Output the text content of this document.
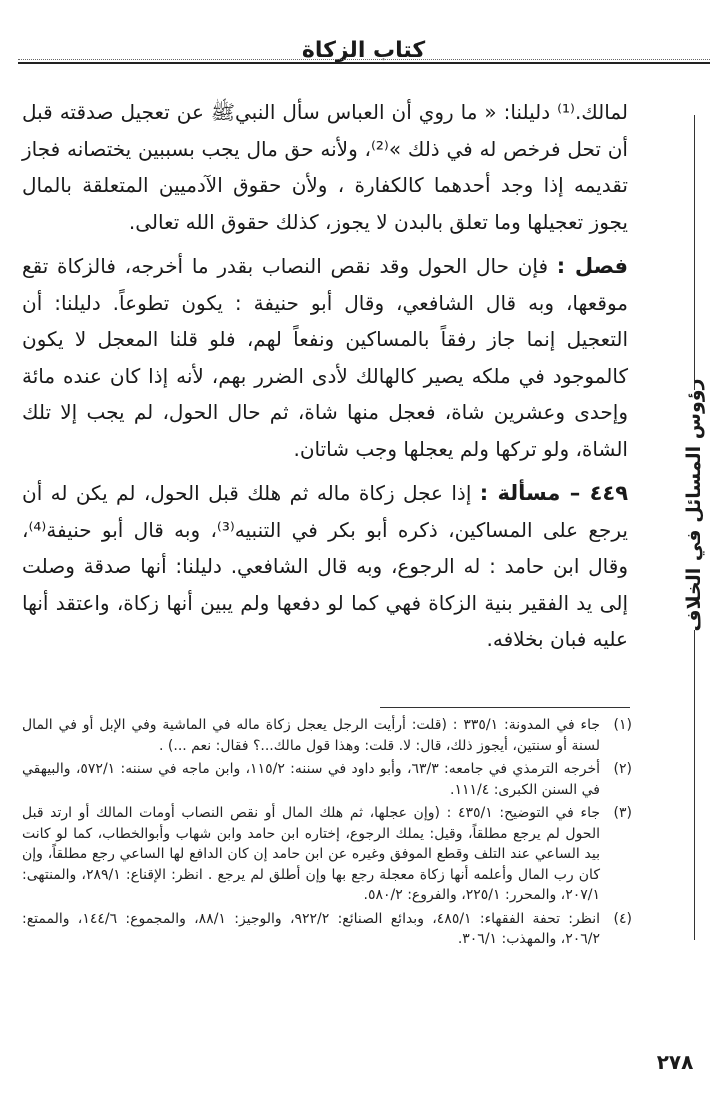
كتاب الزكاة
رؤوس المسائل في الخلاف

لمالك.⁽¹⁾ دليلنا: « ما روي أن العباس سأل النبيﷺ عن تعجيل صدقته قبل أن تحل فرخص له في ذلك »⁽²⁾، ولأنه حق مال يجب بسببين يختصانه فجاز تقديمه إذا وجد أحدهما كالكفارة ، ولأن حقوق الآدميين المتعلقة بالمال يجوز تعجيلها وما تعلق بالبدن لا يجوز، كذلك حقوق الله تعالى.

فصل : فإن حال الحول وقد نقص النصاب بقدر ما أخرجه، فالزكاة تقع موقعها، وبه قال الشافعي، وقال أبو حنيفة : يكون تطوعاً. دليلنا: أن التعجيل إنما جاز رفقاً بالمساكين ونفعاً لهم، فلو قلنا المعجل لا يكون كالموجود في ملكه يصير كالهالك لأدى الضرر بهم، لأنه إذا كان عنده مائة وإحدى وعشرين شاة، فعجل منها شاة، ثم حال الحول، لم يجب إلا تلك الشاة، ولو تركها ولم يعجلها وجب شاتان.

٤٤٩ – مسألة : إذا عجل زكاة ماله ثم هلك قبل الحول، لم يكن له أن يرجع على المساكين، ذكره أبو بكر في التنبيه⁽³⁾، وبه قال أبو حنيفة⁽⁴⁾، وقال ابن حامد : له الرجوع، وبه قال الشافعي. دليلنا: أنها صدقة وصلت إلى يد الفقير بنية الزكاة فهي كما لو دفعها ولم يبين أنها زكاة، واعتقد أنها عليه فبان بخلافه.

(١)
جاء في المدونة: ٣٣٥/١ : (قلت: أرأيت الرجل يعجل زكاة ماله في الماشية وفي الإبل أو في المال لسنة أو سنتين، أيجوز ذلك، قال: لا. قلت: وهذا قول مالك...؟ فقال: نعم ...) .
(٢)
أخرجه الترمذي في جامعه: ٦٣/٣، وأبو داود في سننه: ١١٥/٢، وابن ماجه في سننه: ٥٧٢/١، والبيهقي في السنن الكبرى: ١١١/٤.
(٣)
جاء في التوضيح: ٤٣٥/١ : (وإن عجلها، ثم هلك المال أو نقص النصاب أومات المالك أو ارتد قبل الحول لم يرجع مطلقاً، وقيل: يملك الرجوع، إختاره ابن حامد وابن شهاب وأبوالخطاب، كما لو كانت بيد الساعي عند التلف وقطع الموفق وغيره عن ابن حامد إن كان الدافع لها الساعي رجع مطلقاً، وإن كان رب المال وأعلمه أنها زكاة معجلة رجع بها وإن أطلق لم يرجع . انظر: الإقناع: ٢٨٩/١، والمنتهى: ٢٠٧/١، والمحرر: ٢٢٥/١، والفروع: ٥٨٠/٢.
(٤)
انظر: تحفة الفقهاء: ٤٨٥/١، وبدائع الصنائع: ٩٢٢/٢، والوجيز: ٨٨/١، والمجموع: ١٤٤/٦، والممتع: ٢٠٦/٢، والمهذب: ٣٠٦/١.
٢٧٨
